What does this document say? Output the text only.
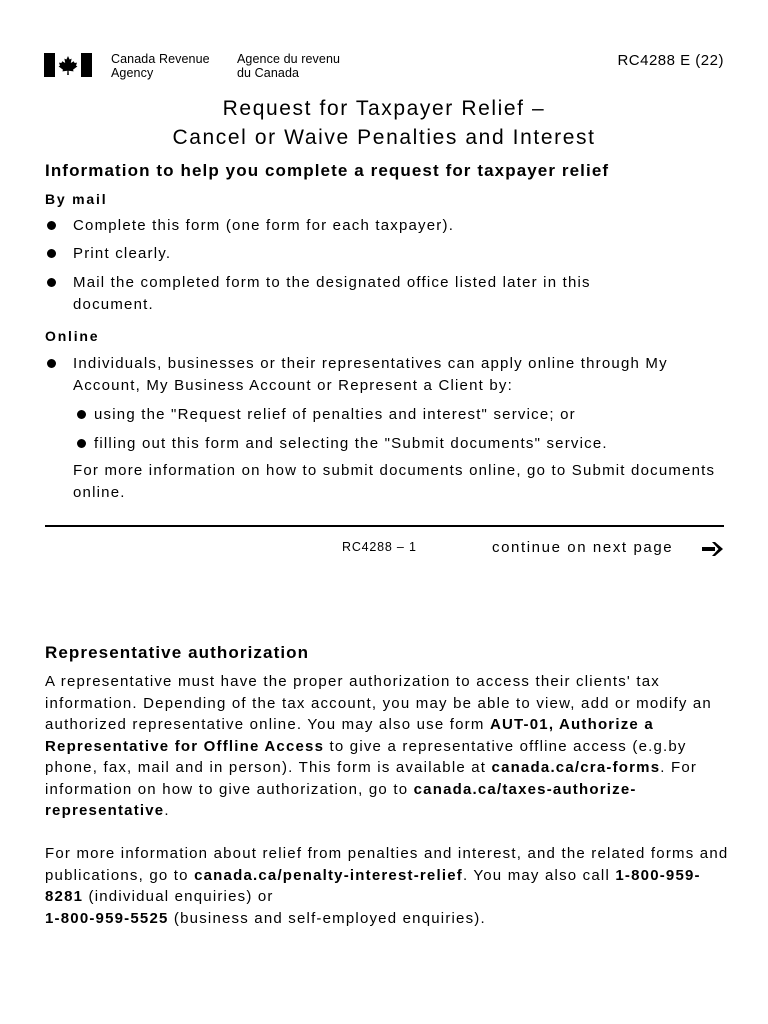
Canada Revenue
Agency
Agence du revenu
du Canada
RC4288 E (22)
Request for Taxpayer Relief –
Cancel or Waive Penalties and Interest
Information to help you complete a request for taxpayer relief
By mail
Complete this form (one form for each taxpayer).
Print clearly.
Mail the completed form to the designated office listed later in this document.
Online
Individuals, businesses or their representatives can apply online through My Account, My Business Account or Represent a Client by:
using the "Request relief of penalties and interest" service; or
filling out this form and selecting the "Submit documents" service.
For more information on how to submit documents online, go to Submit documents online.
RC4288 – 1	continue on next page
Representative authorization
A representative must have the proper authorization to access their clients' tax information. Depending of the tax account, you may be able to view, add or modify an authorized representative online. You may also use form AUT-01, Authorize a Representative for Offline Access to give a representative offline access (e.g.by phone, fax, mail and in person). This form is available at canada.ca/cra-forms. For information on how to give authorization, go to canada.ca/taxes-authorize-representative.
For more information about relief from penalties and interest, and the related forms and publications, go to canada.ca/penalty-interest-relief. You may also call 1-800-959-8281 (individual enquiries) or
1-800-959-5525 (business and self-employed enquiries).
